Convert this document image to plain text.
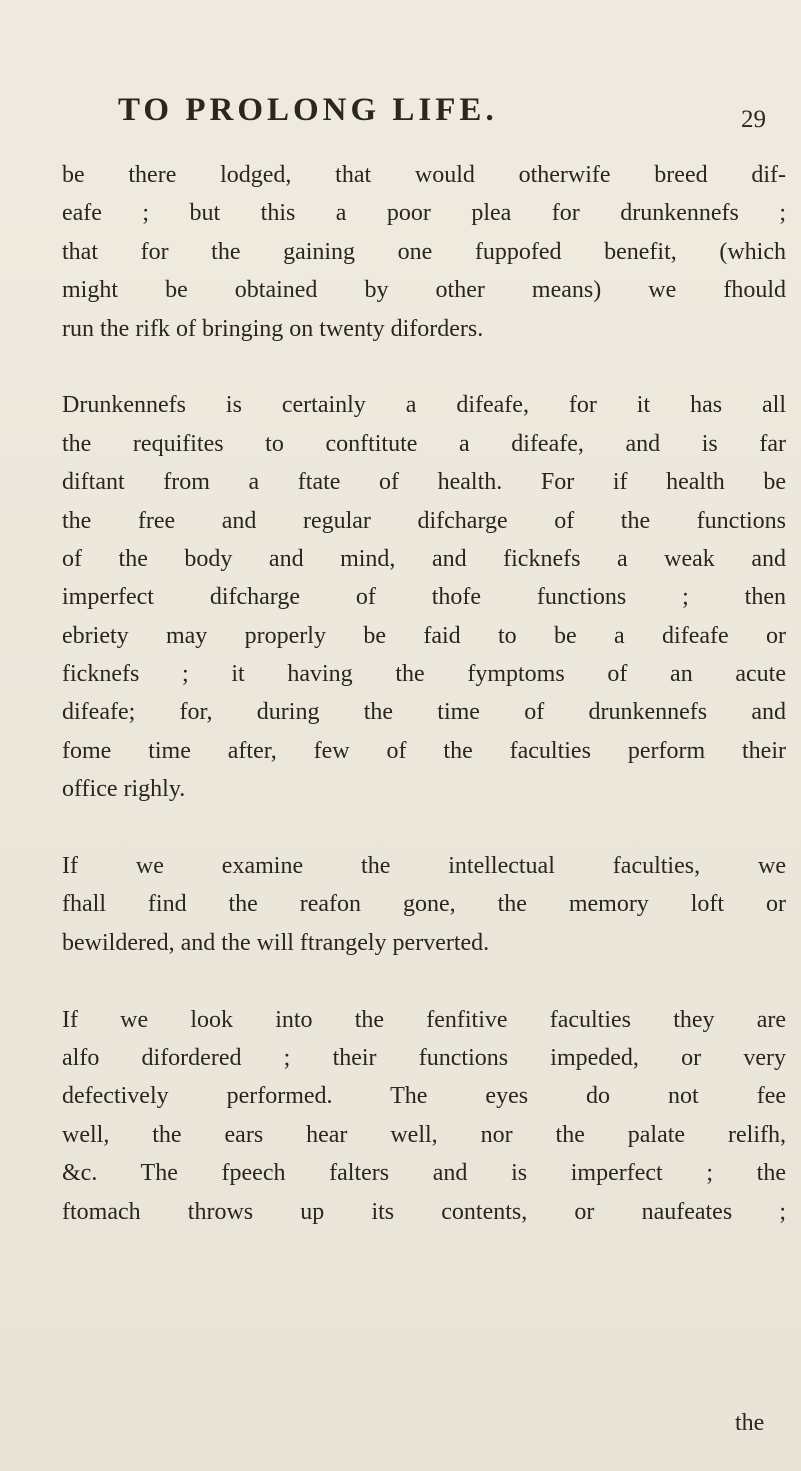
TO PROLONG LIFE.	29
be there lodged, that would otherwife breed dif-
eafe ; but this a poor plea for drunkennefs ;
that for the gaining one fuppofed benefit, (which
might be obtained by other means) we fhould
run the rifk of bringing on twenty diforders.
Drunkennefs is certainly a difeafe, for it has all
the requifites to conftitute a difeafe, and is far
diftant from a ftate of health. For if health be
the free and regular difcharge of the functions
of the body and mind, and ficknefs a weak and
imperfect difcharge of thofe functions ; then
ebriety may properly be faid to be a difeafe or
ficknefs ; it having the fymptoms of an acute
difeafe; for, during the time of drunkennefs and
fome time after, few of the faculties perform their
office righly.
If we examine the intellectual faculties, we
fhall find the reafon gone, the memory loft or
bewildered, and the will ftrangely perverted.
If we look into the fenfitive faculties they are
alfo difordered ; their functions impeded, or very
defectively performed. The eyes do not fee
well, the ears hear well, nor the palate relifh,
&c. The fpeech falters and is imperfect ; the
ftomach throws up its contents, or naufeates ;
the
